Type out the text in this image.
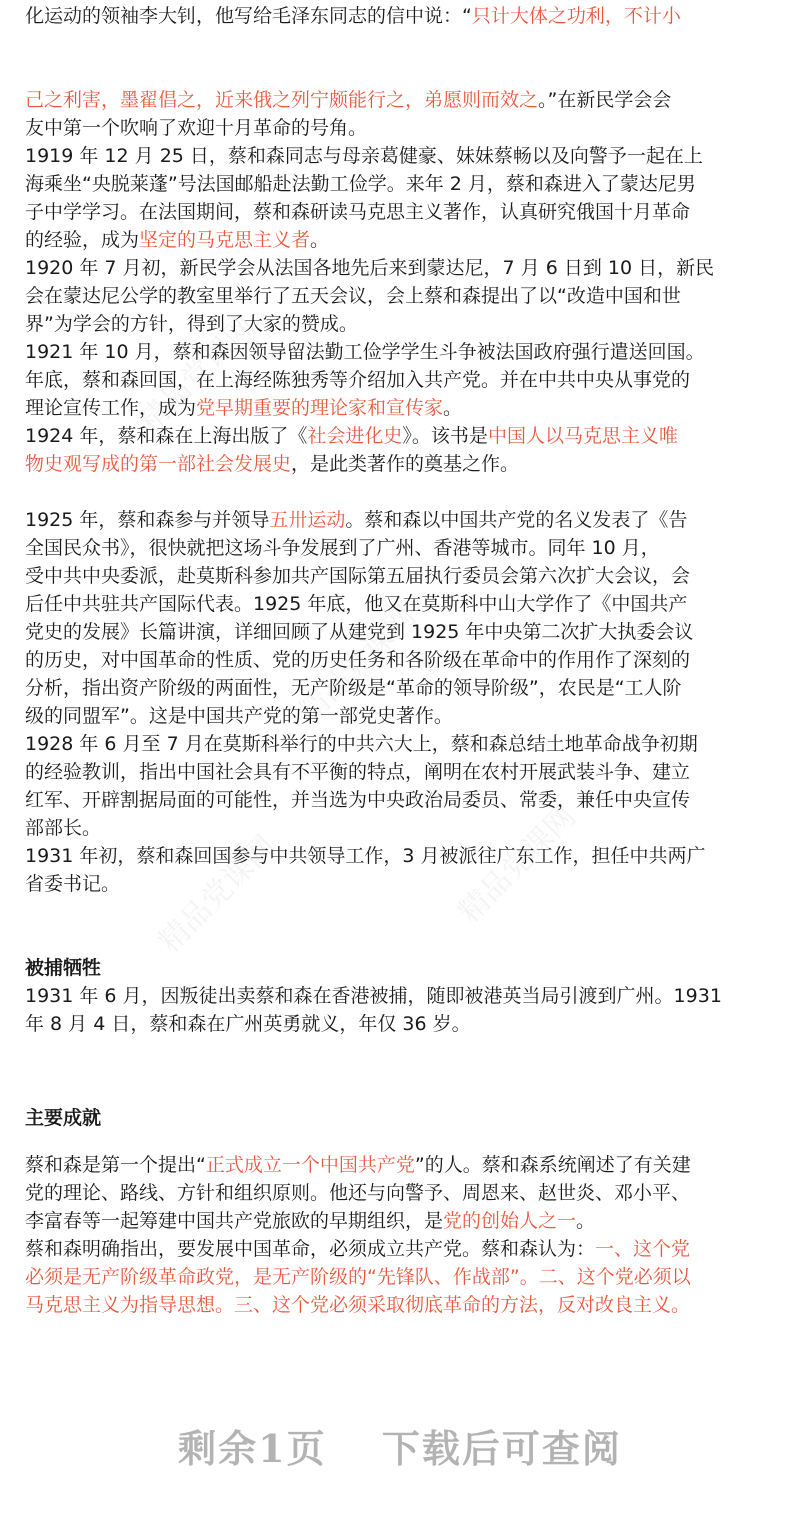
化运动的领袖李大钊，他写给毛泽东同志的信中说：“只计大体之功利，不计小
己之利害，墨翟倡之，近来俄之列宁颇能行之，弟愿则而效之。”在新民学会会
友中第一个吹响了欢迎十月革命的号角。
1919 年 12 月 25 日，蔡和森同志与母亲葛健豪、妹妹蔡畅以及向警予一起在上
海乘坐“央脱莱蓬”号法国邮船赴法勤工俭学。来年 2 月，蔡和森进入了蒙达尼男
子中学学习。在法国期间，蔡和森研读马克思主义著作，认真研究俄国十月革命
的经验，成为坚定的马克思主义者。
1920 年 7 月初，新民学会从法国各地先后来到蒙达尼，7 月 6 日到 10 日，新民
会在蒙达尼公学的教室里举行了五天会议，会上蔡和森提出了以“改造中国和世
界”为学会的方针，得到了大家的赞成。
1921 年 10 月，蔡和森因领导留法勤工俭学学生斗争被法国政府强行遣送回国。
年底，蔡和森回国，在上海经陈独秀等介绍加入共产党。并在中共中央从事党的
理论宣传工作，成为党早期重要的理论家和宣传家。
1924 年，蔡和森在上海出版了《社会进化史》。该书是中国人以马克思主义唯
物史观写成的第一部社会发展史，是此类著作的奠基之作。
1925 年，蔡和森参与并领导五卅运动。蔡和森以中国共产党的名义发表了《告
全国民众书》，很快就把这场斗争发展到了广州、香港等城市。同年 10 月，
受中共中央委派，赴莫斯科参加共产国际第五届执行委员会第六次扩大会议，会
后任中共驻共产国际代表。1925 年底，他又在莫斯科中山大学作了《中国共产
党史的发展》长篇讲演，详细回顾了从建党到 1925 年中央第二次扩大执委会议
的历史，对中国革命的性质、党的历史任务和各阶级在革命中的作用作了深刻的
分析，指出资产阶级的两面性，无产阶级是“革命的领导阶级”，农民是“工人阶
级的同盟军”。这是中国共产党的第一部党史著作。
1928 年 6 月至 7 月在莫斯科举行的中共六大上，蔡和森总结土地革命战争初期
的经验教训，指出中国社会具有不平衡的特点，阐明在农村开展武装斗争、建立
红军、开辟割据局面的可能性，并当选为中央政治局委员、常委，兼任中央宣传
部部长。
1931 年初，蔡和森回国参与中共领导工作，3 月被派往广东工作，担任中共两广
省委书记。
被捕牺牲
1931 年 6 月，因叛徒出卖蔡和森在香港被捕，随即被港英当局引渡到广州。1931
年 8 月 4 日，蔡和森在广州英勇就义，年仅 36 岁。
主要成就
蔡和森是第一个提出“正式成立一个中国共产党”的人。蔡和森系统阐述了有关建
党的理论、路线、方针和组织原则。他还与向警予、周恩来、赵世炎、邓小平、
李富春等一起筹建中国共产党旅欧的早期组织，是党的创始人之一。
蔡和森明确指出，要发展中国革命，必须成立共产党。蔡和森认为：一、这个党
必须是无产阶级革命政党，是无产阶级的“先锋队、作战部”。二、这个党必须以
马克思主义为指导思想。三、这个党必须采取彻底革命的方法，反对改良主义。
剩余1页 下载后可查阅
